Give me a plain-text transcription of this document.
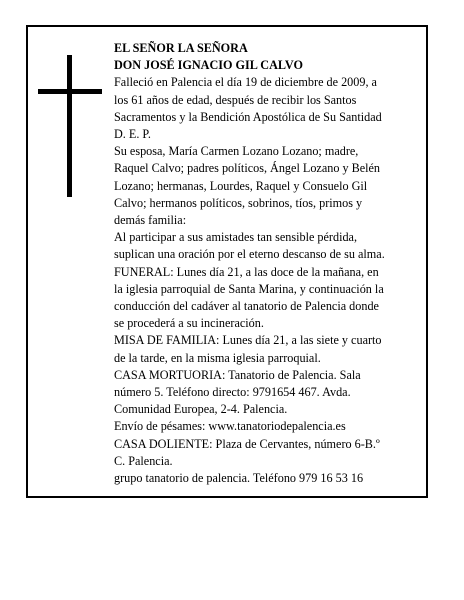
EL SEÑOR LA SEÑORA
DON JOSÉ IGNACIO GIL CALVO
Falleció en Palencia el día 19 de diciembre de 2009, a
los 61 años de edad, después de recibir los Santos
Sacramentos y la Bendición Apostólica de Su Santidad
D. E. P.
Su esposa, María Carmen Lozano Lozano; madre,
Raquel Calvo; padres políticos, Ángel Lozano y Belén
Lozano; hermanas, Lourdes, Raquel y Consuelo Gil
Calvo; hermanos políticos, sobrinos, tíos, primos y
demás familia:
Al participar a sus amistades tan sensible pérdida,
suplican una oración por el eterno descanso de su alma.
FUNERAL: Lunes día 21, a las doce de la mañana, en
la iglesia parroquial de Santa Marina, y continuación la
conducción del cadáver al tanatorio de Palencia donde
se procederá a su incineración.
MISA DE FAMILIA: Lunes día 21, a las siete y cuarto
de la tarde, en la misma iglesia parroquial.
CASA MORTUORIA: Tanatorio de Palencia. Sala
número 5. Teléfono directo: 9791654 467. Avda.
Comunidad Europea, 2-4. Palencia.
Envío de pésames: www.tanatoriodepalencia.es
CASA DOLIENTE: Plaza de Cervantes, número 6-B.º
C. Palencia.
grupo tanatorio de palencia. Teléfono 979 16 53 16
